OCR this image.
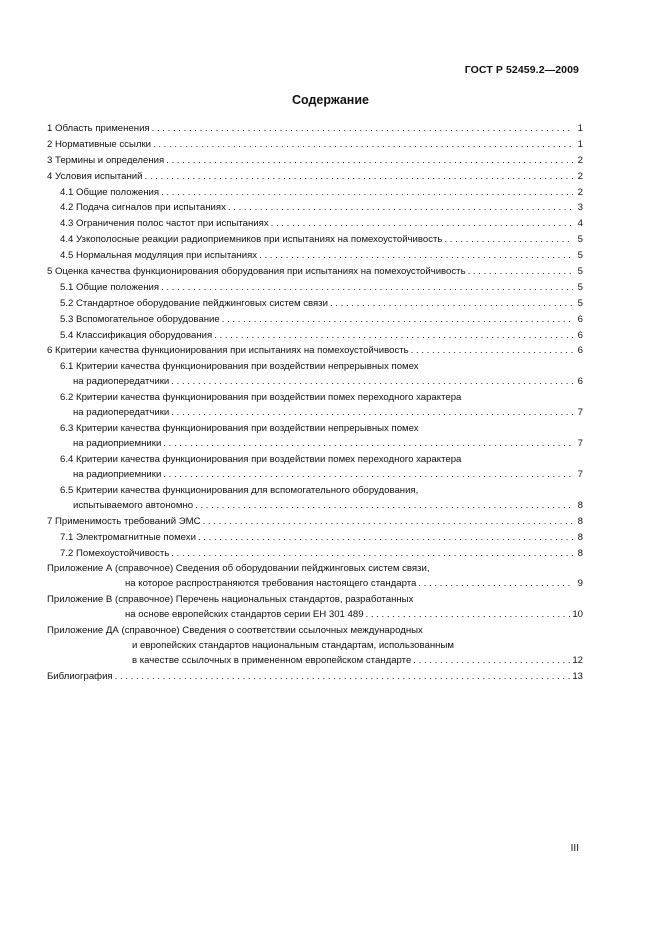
ГОСТ Р 52459.2—2009
Содержание
1 Область применения . . .	1
2 Нормативные ссылки . . .	1
3 Термины и определения . . .	2
4 Условия испытаний . . .	2
4.1 Общие положения . . .	2
4.2 Подача сигналов при испытаниях . . .	3
4.3 Ограничения полос частот при испытаниях . . .	4
4.4 Узкополосные реакции радиоприемников при испытаниях на помехоустойчивость . . .	5
4.5 Нормальная модуляция при испытаниях . . .	5
5 Оценка качества функционирования оборудования при испытаниях на помехоустойчивость . . .	5
5.1 Общие положения . . .	5
5.2 Стандартное оборудование пейджинговых систем связи . . .	5
5.3 Вспомогательное оборудование . . .	6
5.4 Классификация оборудования . . .	6
6 Критерии качества функционирования при испытаниях на помехоустойчивость . . .	6
6.1 Критерии качества функционирования при воздействии непрерывных помех
на радиопередатчики . . .	6
6.2 Критерии качества функционирования при воздействии помех переходного характера
на радиопередатчики . . .	7
6.3 Критерии качества функционирования при воздействии непрерывных помех
на радиоприемники . . .	7
6.4 Критерии качества функционирования при воздействии помех переходного характера
на радиоприемники . . .	7
6.5 Критерии качества функционирования для вспомогательного оборудования,
испытываемого автономно . . .	8
7 Применимость требований ЭМС . . .	8
7.1 Электромагнитные помехи . . .	8
7.2 Помехоустойчивость . . .	8
Приложение А (справочное) Сведения об оборудовании пейджинговых систем связи,
на которое распространяются требования настоящего стандарта . . .	9
Приложение В (справочное) Перечень национальных стандартов, разработанных
на основе европейских стандартов серии ЕН 301 489 . . .	10
Приложение ДА (справочное) Сведения о соответствии ссылочных международных
и европейских стандартов национальным стандартам, использованным
в качестве ссылочных в примененном европейском стандарте . . .	12
Библиография . . .	13
III
